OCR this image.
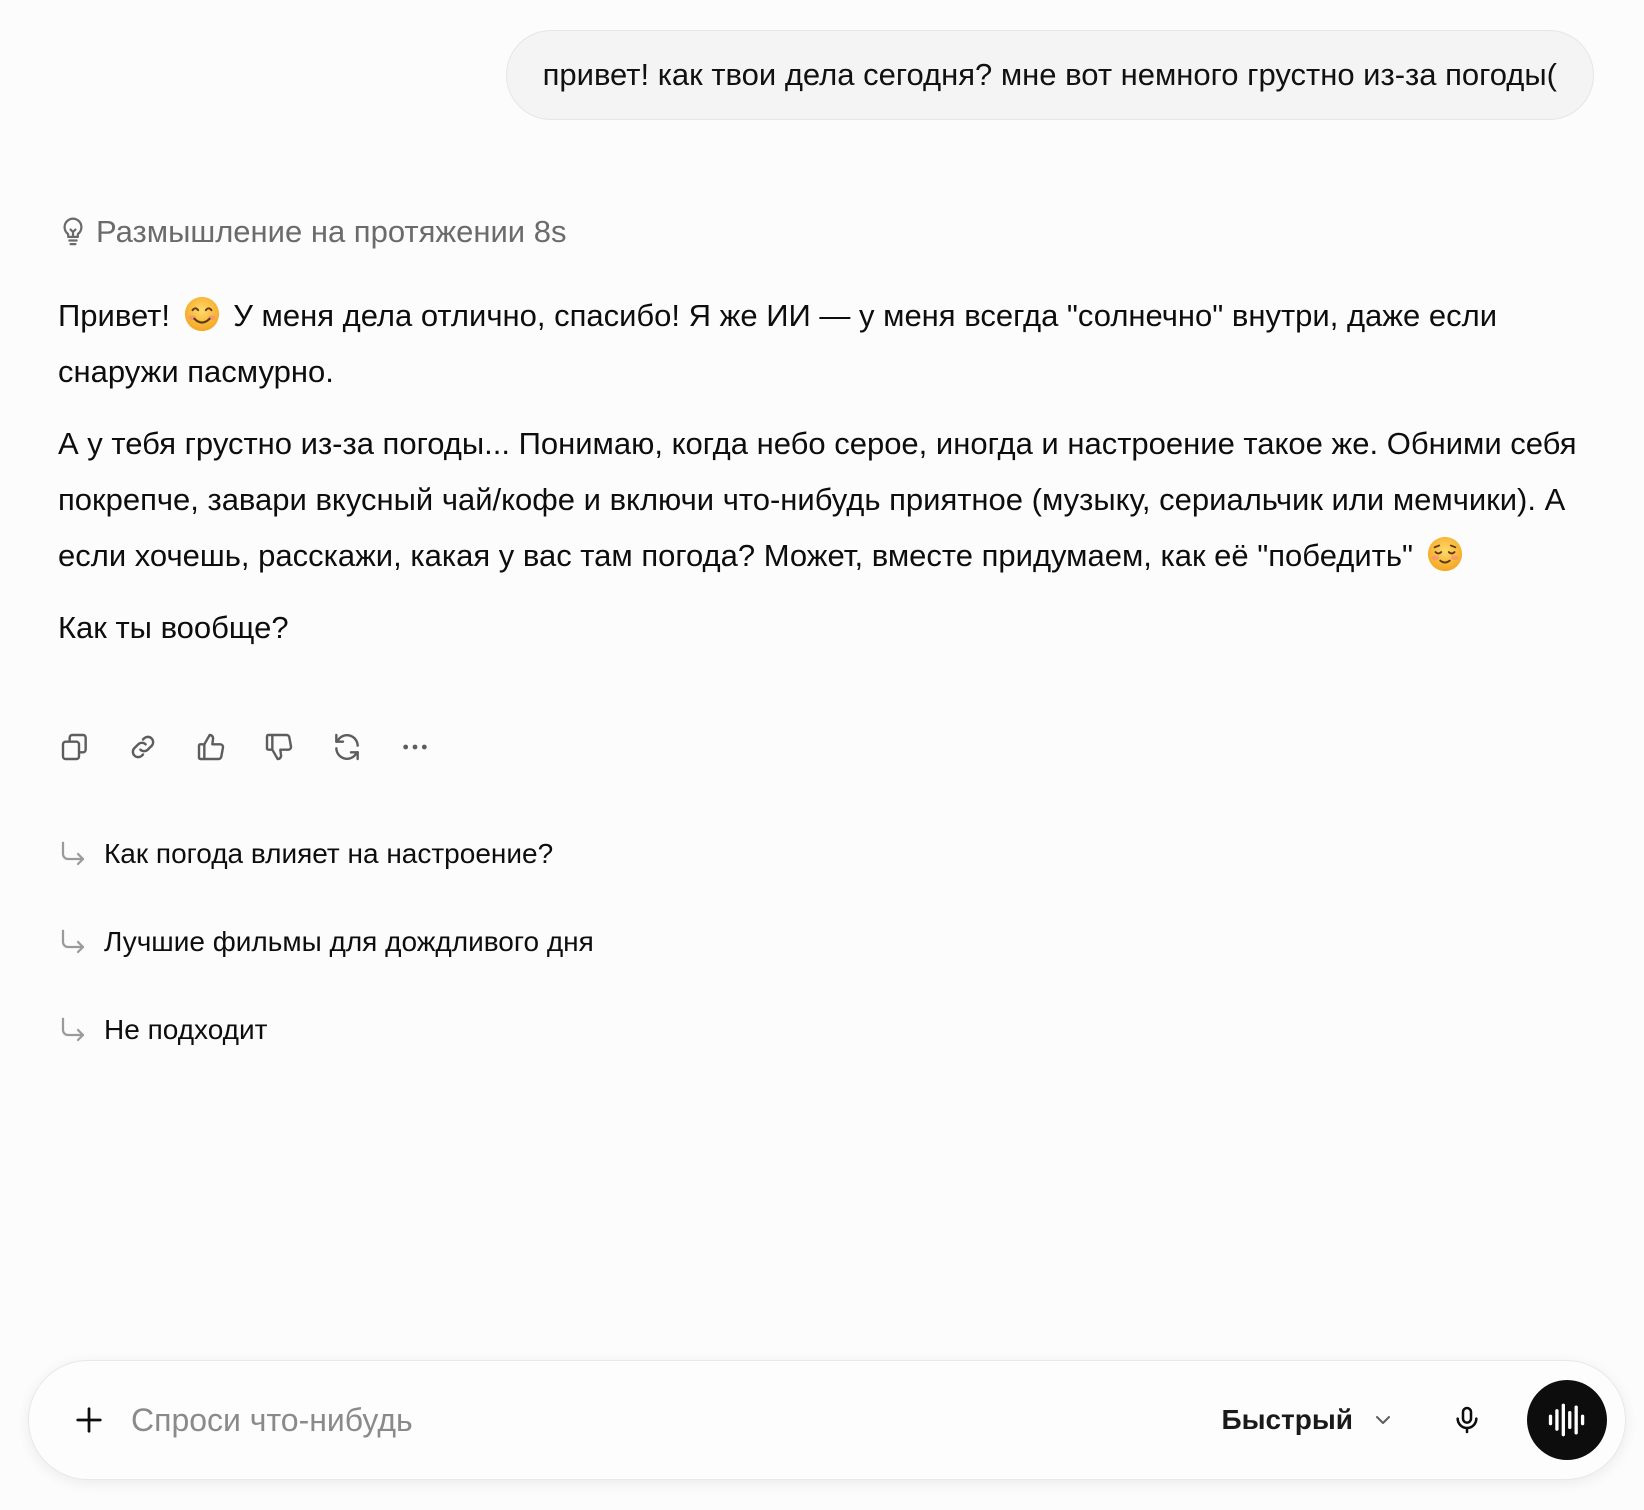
привет! как твои дела сегодня? мне вот немного грустно из-за погоды(
Размышление на протяжении 8s

Привет! У меня дела отлично, спасибо! Я же ИИ — у меня всегда "солнечно" внутри, даже если снаружи пасмурно.

А у тебя грустно из-за погоды... Понимаю, когда небо серое, иногда и настроение такое же. Обними себя покрепче, завари вкусный чай/кофе и включи что-нибудь приятное (музыку, сериальчик или мемчики). А если хочешь, расскажи, какая у вас там погода? Может, вместе придумаем, как её "победить"

Как ты вообще?

Как погода влияет на настроение?
Лучшие фильмы для дождливого дня
Не подходит
Спроси что-нибудь
Быстрый
